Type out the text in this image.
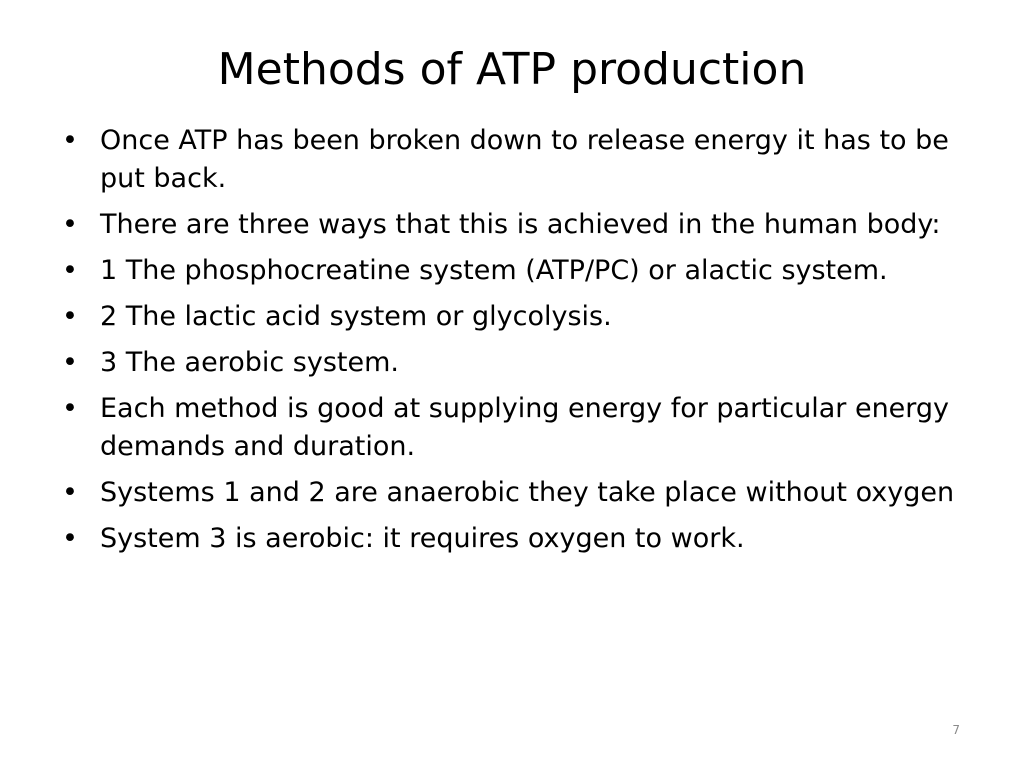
Methods of ATP production
• Once ATP has been broken down to release energy it has to be put back.
• There are three ways that this is achieved in the human body:
• 1 The phosphocreatine system (ATP/PC) or alactic system.
• 2 The lactic acid system or glycolysis.
• 3 The aerobic system.
• Each method is good at supplying energy for particular energy demands and duration.
• Systems 1 and 2 are anaerobic they take place without oxygen
• System 3 is aerobic: it requires oxygen to work.
7
